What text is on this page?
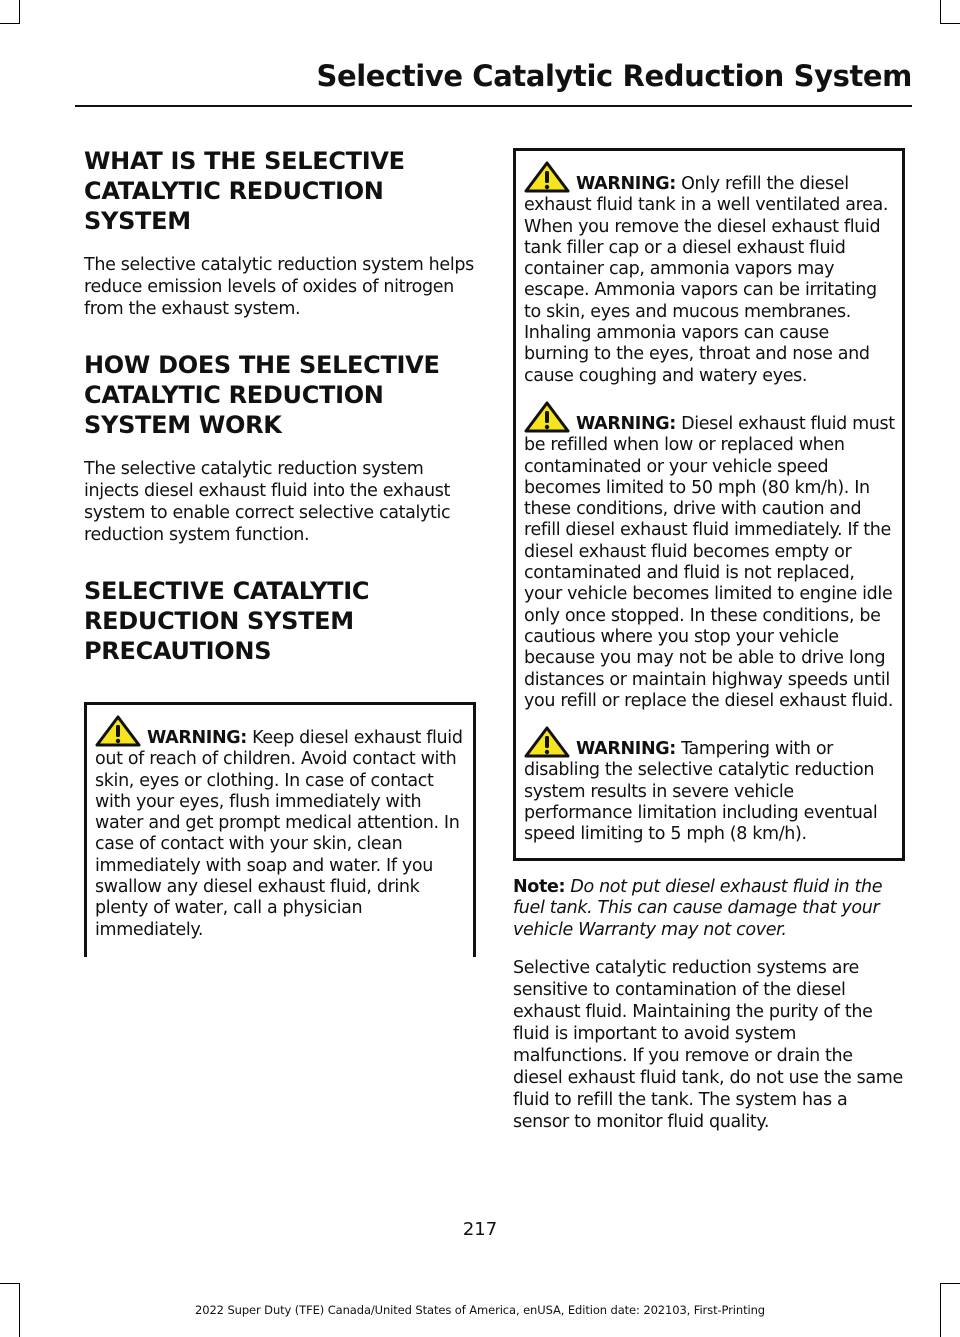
Selective Catalytic Reduction System
WHAT IS THE SELECTIVE CATALYTIC REDUCTION SYSTEM

The selective catalytic reduction system helps reduce emission levels of oxides of nitrogen from the exhaust system.

HOW DOES THE SELECTIVE CATALYTIC REDUCTION SYSTEM WORK

The selective catalytic reduction system injects diesel exhaust fluid into the exhaust system to enable correct selective catalytic reduction system function.

SELECTIVE CATALYTIC REDUCTION SYSTEM PRECAUTIONS

WARNING: Keep diesel exhaust fluid out of reach of children. Avoid contact with skin, eyes or clothing. In case of contact with your eyes, flush immediately with water and get prompt medical attention. In case of contact with your skin, clean immediately with soap and water. If you swallow any diesel exhaust fluid, drink plenty of water, call a physician immediately.

WARNING: Only refill the diesel exhaust fluid tank in a well ventilated area. When you remove the diesel exhaust fluid tank filler cap or a diesel exhaust fluid container cap, ammonia vapors may escape. Ammonia vapors can be irritating to skin, eyes and mucous membranes. Inhaling ammonia vapors can cause burning to the eyes, throat and nose and cause coughing and watery eyes.

WARNING: Diesel exhaust fluid must be refilled when low or replaced when contaminated or your vehicle speed becomes limited to 50 mph (80 km/h). In these conditions, drive with caution and refill diesel exhaust fluid immediately. If the diesel exhaust fluid becomes empty or contaminated and fluid is not replaced, your vehicle becomes limited to engine idle only once stopped. In these conditions, be cautious where you stop your vehicle because you may not be able to drive long distances or maintain highway speeds until you refill or replace the diesel exhaust fluid.

WARNING: Tampering with or disabling the selective catalytic reduction system results in severe vehicle performance limitation including eventual speed limiting to 5 mph (8 km/h).

Note: Do not put diesel exhaust fluid in the fuel tank. This can cause damage that your vehicle Warranty may not cover.

Selective catalytic reduction systems are sensitive to contamination of the diesel exhaust fluid. Maintaining the purity of the fluid is important to avoid system malfunctions. If you remove or drain the diesel exhaust fluid tank, do not use the same fluid to refill the tank. The system has a sensor to monitor fluid quality.

217
2022 Super Duty (TFE) Canada/United States of America, enUSA, Edition date: 202103, First-Printing
